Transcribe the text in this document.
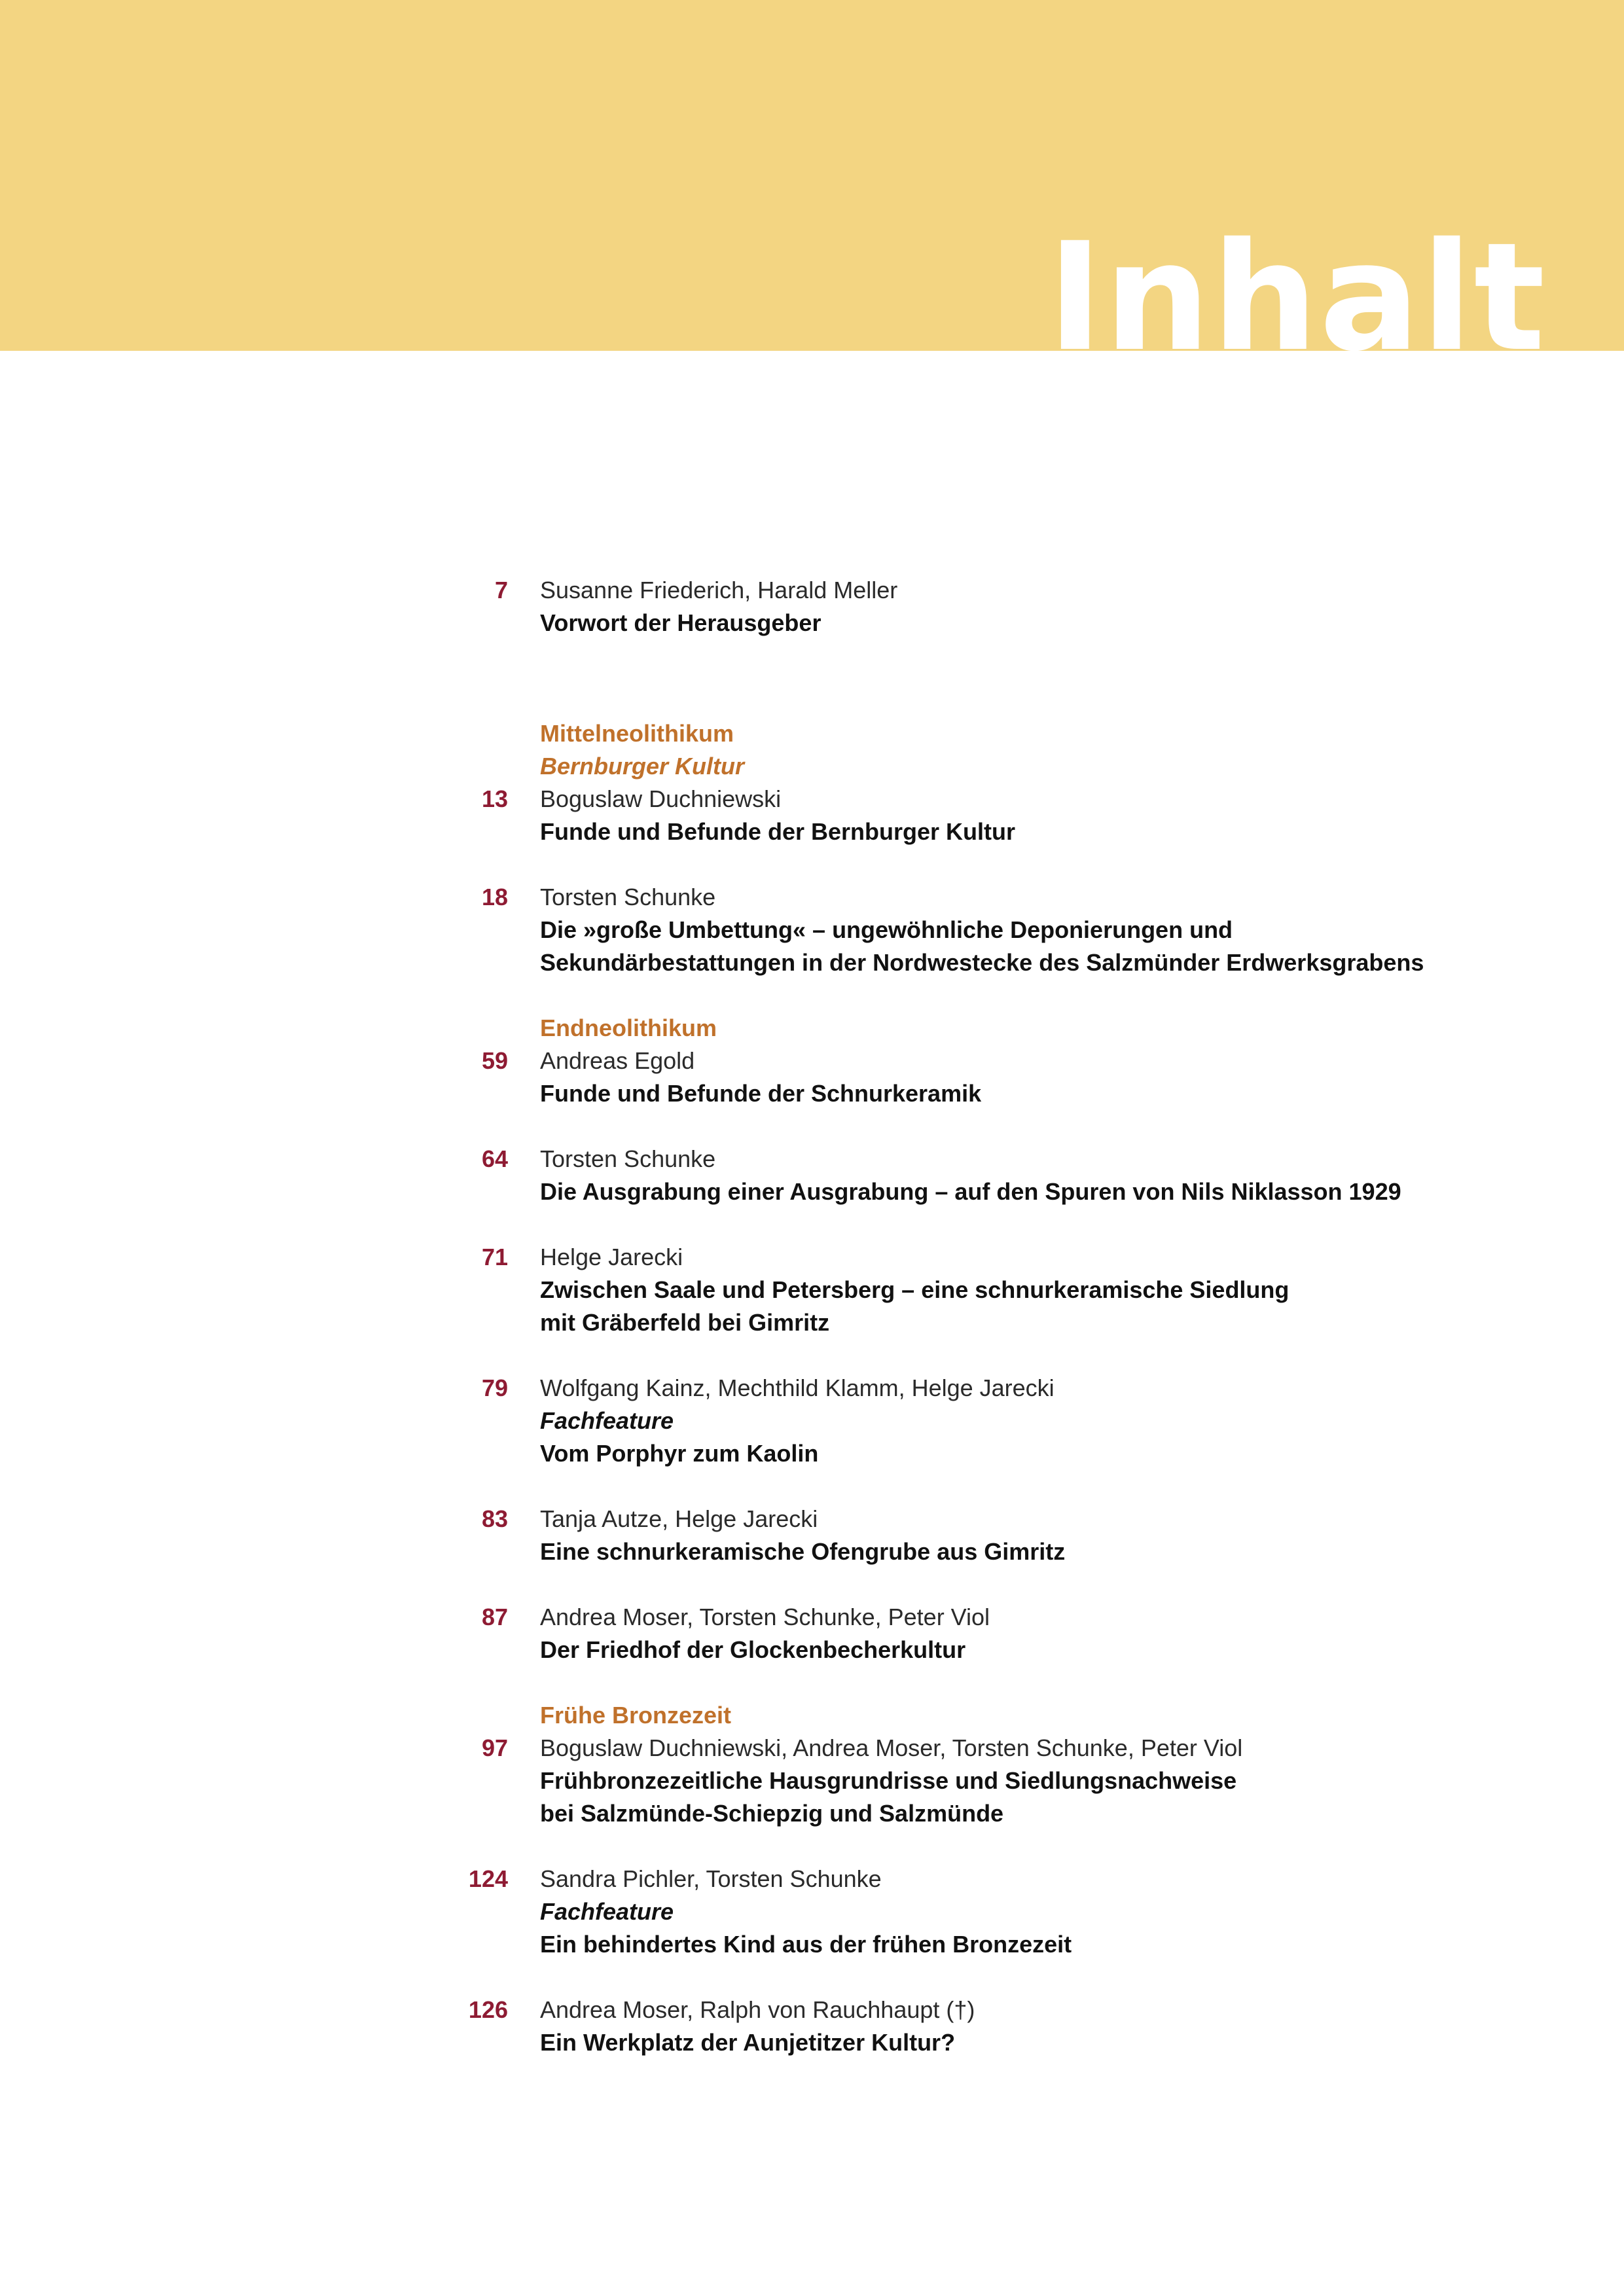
Inhalt
7 Susanne Friederich, Harald Meller
Vorwort der Herausgeber
Mittelneolithikum
Bernburger Kultur
13 Boguslaw Duchniewski
Funde und Befunde der Bernburger Kultur
18 Torsten Schunke
Die »große Umbettung« – ungewöhnliche Deponierungen und
Sekundärbestattungen in der Nordwestecke des Salzmünder Erdwerksgrabens
Endneolithikum
59 Andreas Egold
Funde und Befunde der Schnurkeramik
64 Torsten Schunke
Die Ausgrabung einer Ausgrabung – auf den Spuren von Nils Niklasson 1929
71 Helge Jarecki
Zwischen Saale und Petersberg – eine schnurkeramische Siedlung
mit Gräberfeld bei Gimritz
79 Wolfgang Kainz, Mechthild Klamm, Helge Jarecki
Fachfeature
Vom Porphyr zum Kaolin
83 Tanja Autze, Helge Jarecki
Eine schnurkeramische Ofengrube aus Gimritz
87 Andrea Moser, Torsten Schunke, Peter Viol
Der Friedhof der Glockenbecherkultur
Frühe Bronzezeit
97 Boguslaw Duchniewski, Andrea Moser, Torsten Schunke, Peter Viol
Frühbronzezeitliche Hausgrundrisse und Siedlungsnachweise
bei Salzmünde-Schiepzig und Salzmünde
124 Sandra Pichler, Torsten Schunke
Fachfeature
Ein behindertes Kind aus der frühen Bronzezeit
126 Andrea Moser, Ralph von Rauchhaupt (†)
Ein Werkplatz der Aunjetitzer Kultur?
